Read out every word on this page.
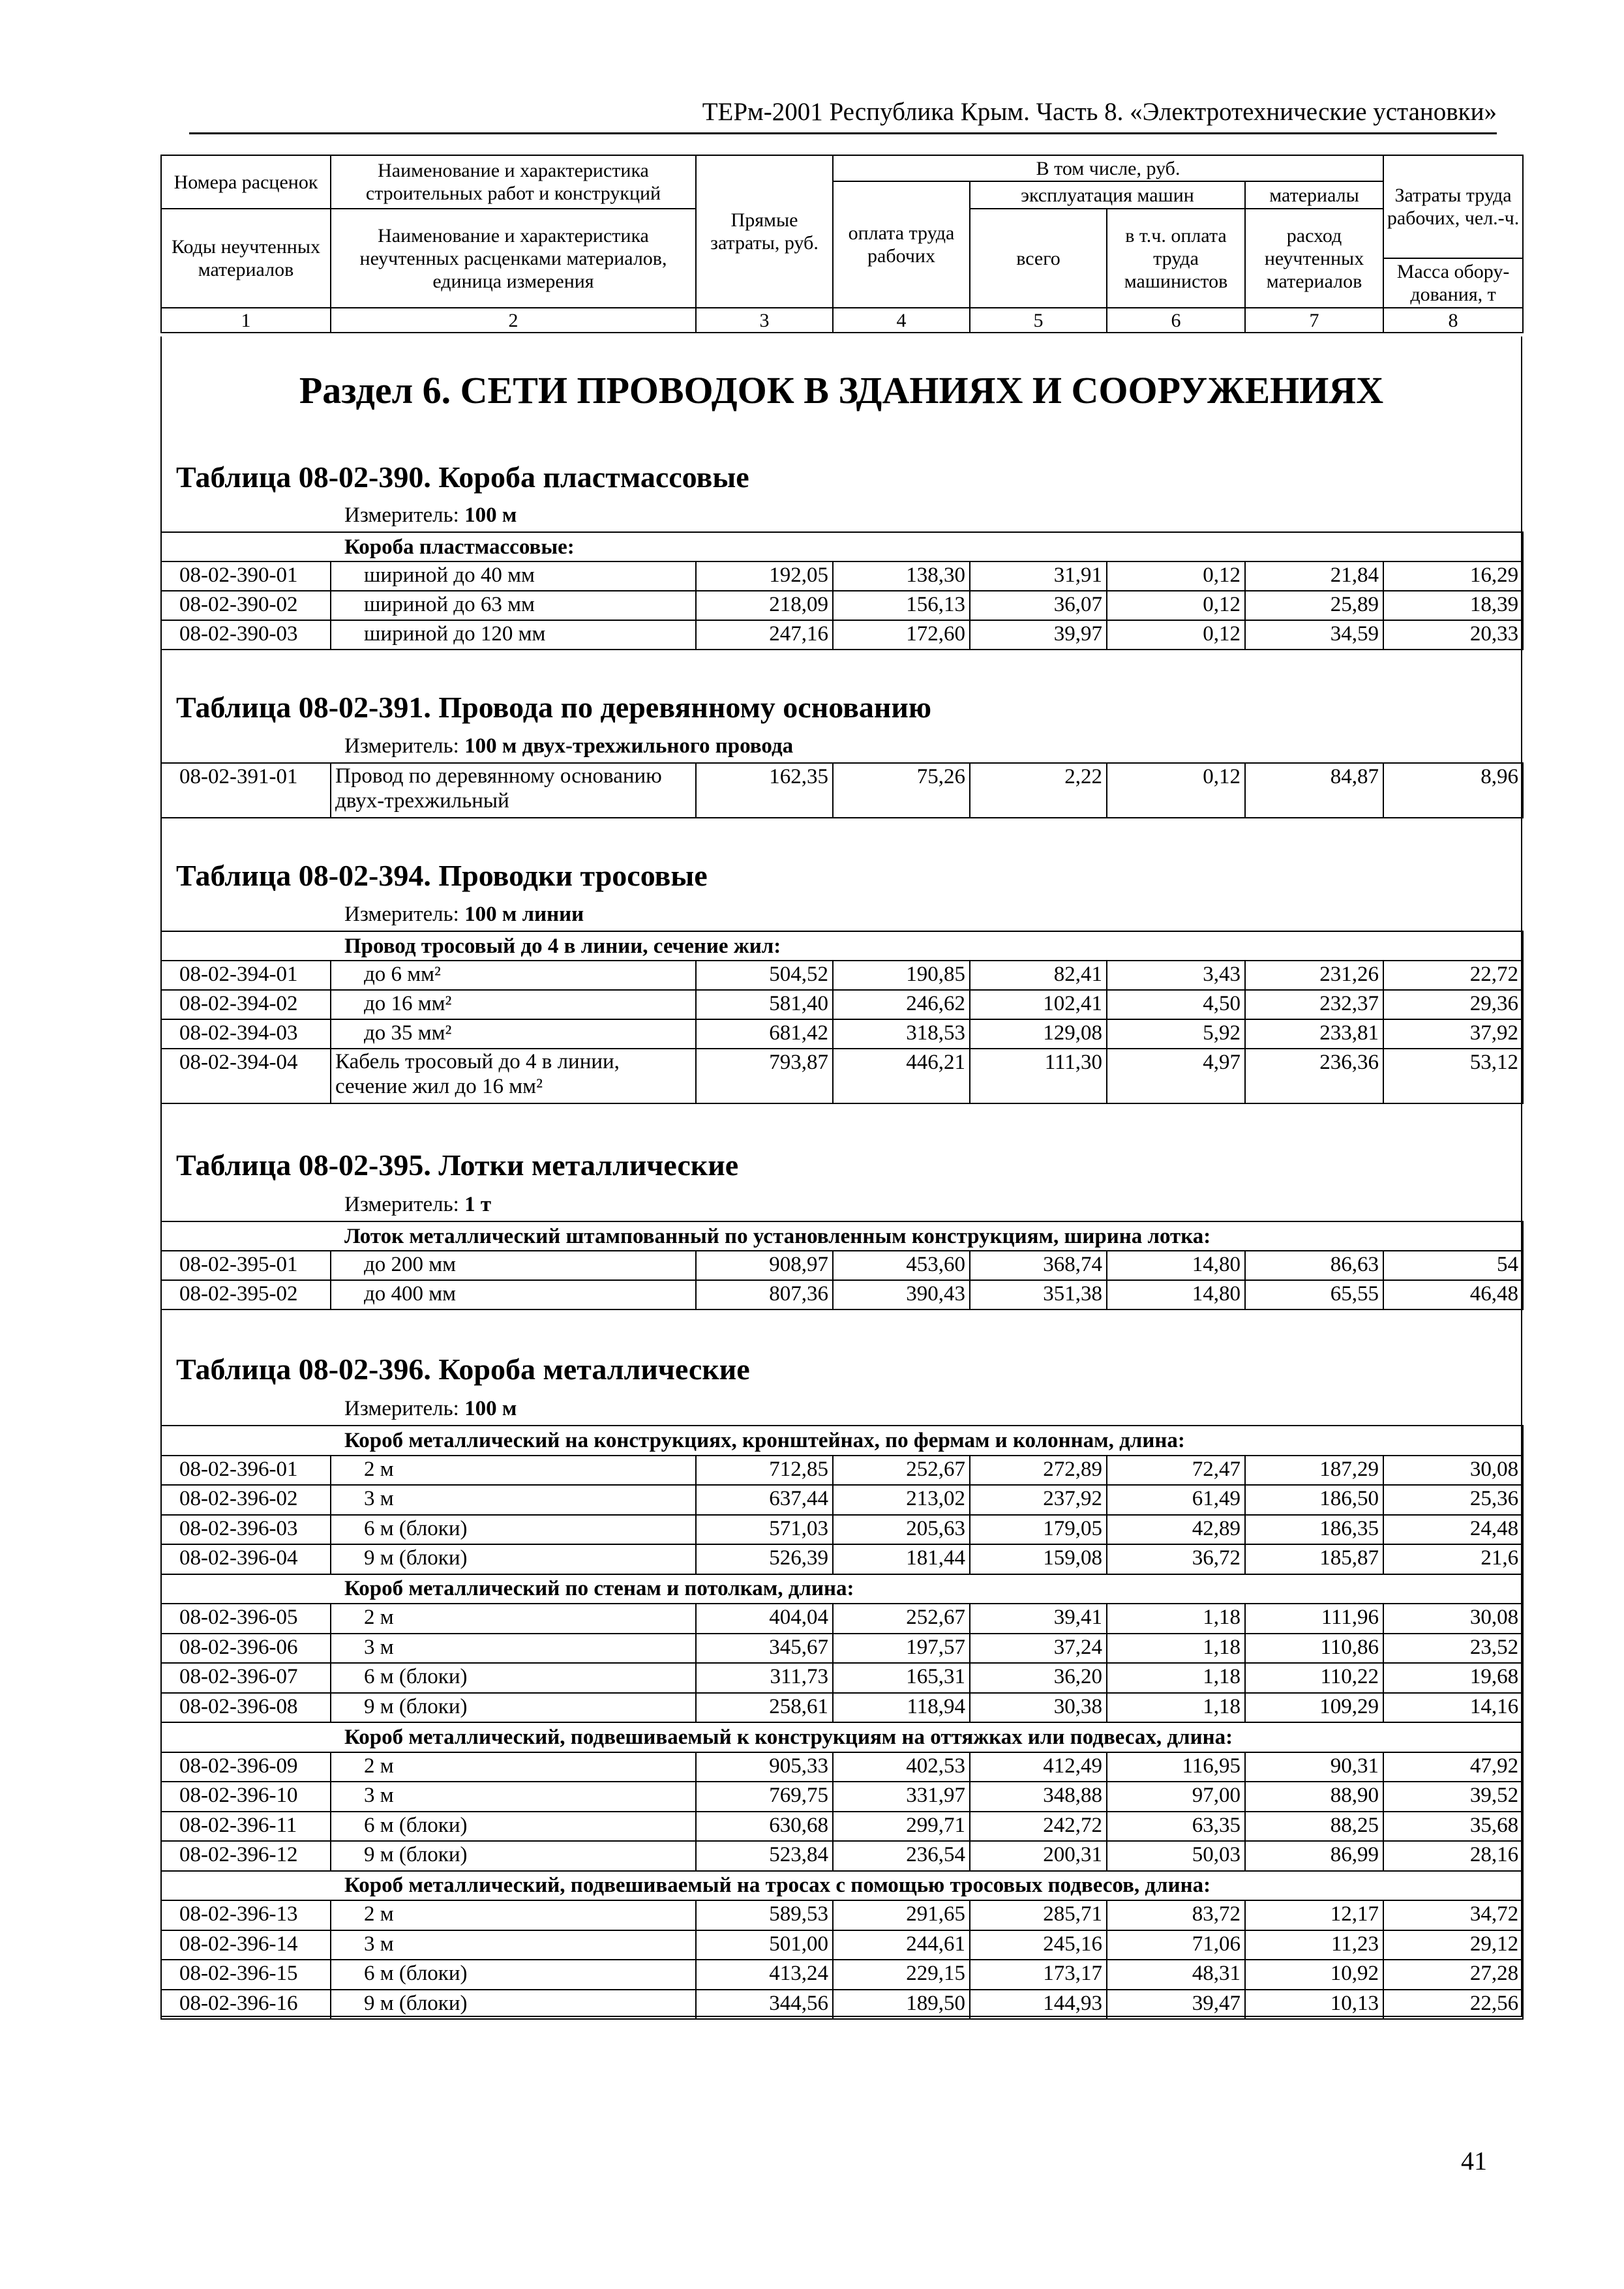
ТЕРм-2001 Республика Крым. Часть 8. «Электротехнические установки»
Номера расценок	Наименование и характеристика строительных работ и конструкций	Прямые затраты, руб.	В том числе, руб.				Затраты труда рабочих, чел.-ч.
			оплата труда рабочих	эксплуатация машин		материалы	
Коды неучтенных материалов	Наименование и характеристика неучтенных расценками материалов, единица измерения			всего	в т.ч. оплата труда машинистов	расход неучтенных материалов	
							Масса обору-дования, т
1	2	3	4	5	6	7	8
Раздел 6. СЕТИ ПРОВОДОК В ЗДАНИЯХ И СООРУЖЕНИЯХ
Таблица 08-02-390. Короба пластмассовые
Измеритель: 100 м
Короба пластмассовые:							
08-02-390-01	шириной до 40 мм	192,05	138,30	31,91	0,12	21,84	16,29
08-02-390-02	шириной до 63 мм	218,09	156,13	36,07	0,12	25,89	18,39
08-02-390-03	шириной до 120 мм	247,16	172,60	39,97	0,12	34,59	20,33
Таблица 08-02-391. Провода по деревянному основанию
Измеритель: 100 м двух-трехжильного провода
08-02-391-01	Провод по деревянному основанию двух-трехжильный	162,35	75,26	2,22	0,12	84,87	8,96
Таблица 08-02-394. Проводки тросовые
Измеритель: 100 м линии
Провод тросовый до 4 в линии, сечение жил:							
08-02-394-01	до 6 мм²	504,52	190,85	82,41	3,43	231,26	22,72
08-02-394-02	до 16 мм²	581,40	246,62	102,41	4,50	232,37	29,36
08-02-394-03	до 35 мм²	681,42	318,53	129,08	5,92	233,81	37,92
08-02-394-04	Кабель тросовый до 4 в линии, сечение жил до 16 мм²	793,87	446,21	111,30	4,97	236,36	53,12
Таблица 08-02-395. Лотки металлические
Измеритель: 1 т
Лоток металлический штампованный по установленным конструкциям, ширина лотка:							
08-02-395-01	до 200 мм	908,97	453,60	368,74	14,80	86,63	54
08-02-395-02	до 400 мм	807,36	390,43	351,38	14,80	65,55	46,48
Таблица 08-02-396. Короба металлические
Измеритель: 100 м
Короб металлический на конструкциях, кронштейнах, по фермам и колоннам, длина:							
08-02-396-01	2 м	712,85	252,67	272,89	72,47	187,29	30,08
08-02-396-02	3 м	637,44	213,02	237,92	61,49	186,50	25,36
08-02-396-03	6 м (блоки)	571,03	205,63	179,05	42,89	186,35	24,48
08-02-396-04	9 м (блоки)	526,39	181,44	159,08	36,72	185,87	21,6
Короб металлический по стенам и потолкам, длина:							
08-02-396-05	2 м	404,04	252,67	39,41	1,18	111,96	30,08
08-02-396-06	3 м	345,67	197,57	37,24	1,18	110,86	23,52
08-02-396-07	6 м (блоки)	311,73	165,31	36,20	1,18	110,22	19,68
08-02-396-08	9 м (блоки)	258,61	118,94	30,38	1,18	109,29	14,16
Короб металлический, подвешиваемый к конструкциям на оттяжках или подвесах, длина:							
08-02-396-09	2 м	905,33	402,53	412,49	116,95	90,31	47,92
08-02-396-10	3 м	769,75	331,97	348,88	97,00	88,90	39,52
08-02-396-11	6 м (блоки)	630,68	299,71	242,72	63,35	88,25	35,68
08-02-396-12	9 м (блоки)	523,84	236,54	200,31	50,03	86,99	28,16
Короб металлический, подвешиваемый на тросах с помощью тросовых подвесов, длина:							
08-02-396-13	2 м	589,53	291,65	285,71	83,72	12,17	34,72
08-02-396-14	3 м	501,00	244,61	245,16	71,06	11,23	29,12
08-02-396-15	6 м (блоки)	413,24	229,15	173,17	48,31	10,92	27,28
08-02-396-16	9 м (блоки)	344,56	189,50	144,93	39,47	10,13	22,56
41
